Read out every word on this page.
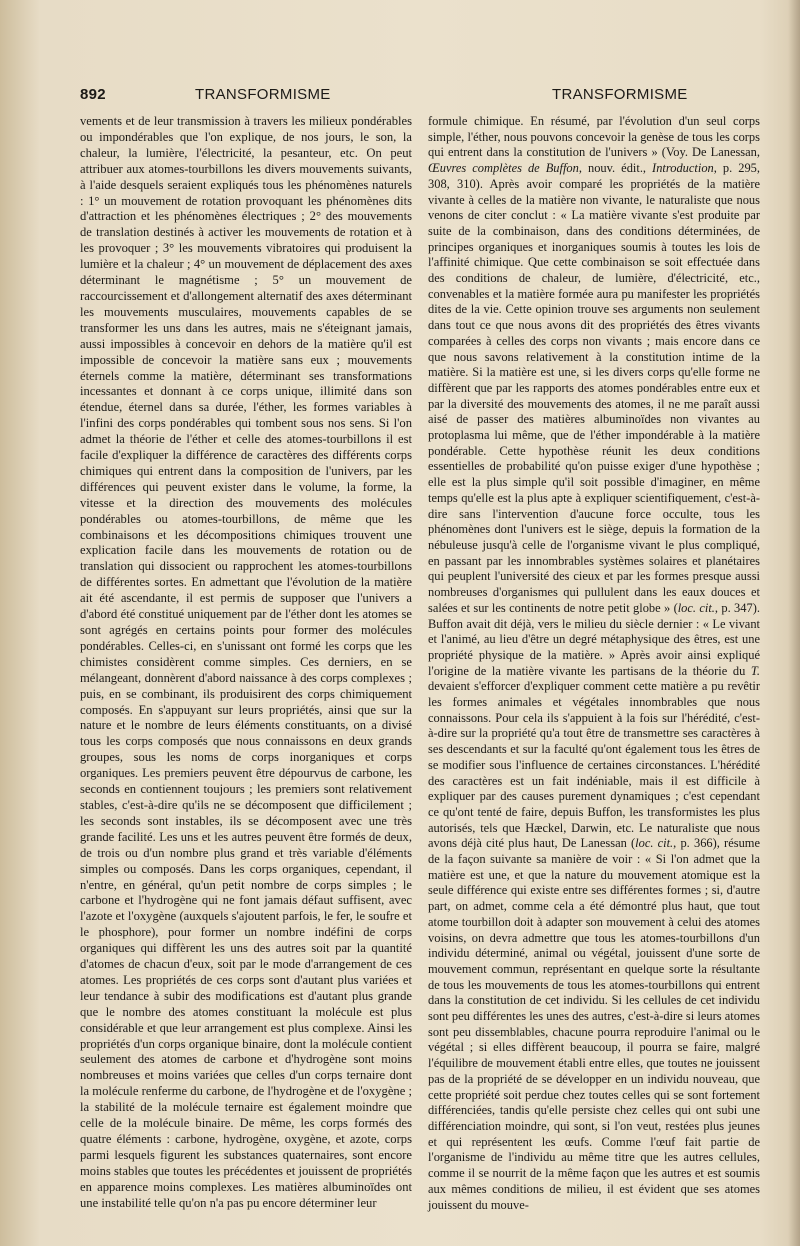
892	TRANSFORMISME	TRANSFORMISME

vements et de leur transmission à travers les milieux pondérables ou impondérables que l'on explique, de nos jours, le son, la chaleur, la lumière, l'électricité, la pesanteur, etc. On peut attribuer aux atomes-tourbillons les divers mouvements suivants, à l'aide desquels seraient expliqués tous les phénomènes naturels : 1° un mouvement de rotation provoquant les phénomènes dits d'attraction et les phénomènes électriques ; 2° des mouvements de translation destinés à activer les mouvements de rotation et à les provoquer ; 3° les mouvements vibratoires qui produisent la lumière et la chaleur ; 4° un mouvement de déplacement des axes déterminant le magnétisme ; 5° un mouvement de raccourcissement et d'allongement alternatif des axes déterminant les mouvements musculaires, mouvements capables de se transformer les uns dans les autres, mais ne s'éteignant jamais, aussi impossibles à concevoir en dehors de la matière qu'il est impossible de concevoir la matière sans eux ; mouvements éternels comme la matière, déterminant ses transformations incessantes et donnant à ce corps unique, illimité dans son étendue, éternel dans sa durée, l'éther, les formes variables à l'infini des corps pondérables qui tombent sous nos sens. Si l'on admet la théorie de l'éther et celle des atomes-tourbillons il est facile d'expliquer la différence de caractères des différents corps chimiques qui entrent dans la composition de l'univers, par les différences qui peuvent exister dans le volume, la forme, la vitesse et la direction des mouvements des molécules pondérables ou atomes-tourbillons, de même que les combinaisons et les décompositions chimiques trouvent une explication facile dans les mouvements de rotation ou de translation qui dissocient ou rapprochent les atomes-tourbillons de différentes sortes. En admettant que l'évolution de la matière ait été ascendante, il est permis de supposer que l'univers a d'abord été constitué uniquement par de l'éther dont les atomes se sont agrégés en certains points pour former des molécules pondérables. Celles-ci, en s'unissant ont formé les corps que les chimistes considèrent comme simples. Ces derniers, en se mélangeant, donnèrent d'abord naissance à des corps complexes ; puis, en se combinant, ils produisirent des corps chimiquement composés. En s'appuyant sur leurs propriétés, ainsi que sur la nature et le nombre de leurs éléments constituants, on a divisé tous les corps composés que nous connaissons en deux grands groupes, sous les noms de corps inorganiques et corps organiques. Les premiers peuvent être dépourvus de carbone, les seconds en contiennent toujours ; les premiers sont relativement stables, c'est-à-dire qu'ils ne se décomposent que difficilement ; les seconds sont instables, ils se décomposent avec une très grande facilité. Les uns et les autres peuvent être formés de deux, de trois ou d'un nombre plus grand et très variable d'éléments simples ou composés. Dans les corps organiques, cependant, il n'entre, en général, qu'un petit nombre de corps simples ; le carbone et l'hydrogène qui ne font jamais défaut suffisent, avec l'azote et l'oxygène (auxquels s'ajoutent parfois, le fer, le soufre et le phosphore), pour former un nombre indéfini de corps organiques qui diffèrent les uns des autres soit par la quantité d'atomes de chacun d'eux, soit par le mode d'arrangement de ces atomes. Les propriétés de ces corps sont d'autant plus variées et leur tendance à subir des modifications est d'autant plus grande que le nombre des atomes constituant la molécule est plus considérable et que leur arrangement est plus complexe. Ainsi les propriétés d'un corps organique binaire, dont la molécule contient seulement des atomes de carbone et d'hydrogène sont moins nombreuses et moins variées que celles d'un corps ternaire dont la molécule renferme du carbone, de l'hydrogène et de l'oxygène ; la stabilité de la molécule ternaire est également moindre que celle de la molécule binaire. De même, les corps formés des quatre éléments : carbone, hydrogène, oxygène, et azote, corps parmi lesquels figurent les substances quaternaires, sont encore moins stables que toutes les précédentes et jouissent de propriétés en apparence moins complexes. Les matières albuminoïdes ont une instabilité telle qu'on n'a pas pu encore déterminer leur

formule chimique. En résumé, par l'évolution d'un seul corps simple, l'éther, nous pouvons concevoir la genèse de tous les corps qui entrent dans la constitution de l'univers » (Voy. De Lanessan, Œuvres complètes de Buffon, nouv. édit., Introduction, p. 295, 308, 310). Après avoir comparé les propriétés de la matière vivante à celles de la matière non vivante, le naturaliste que nous venons de citer conclut : « La matière vivante s'est produite par suite de la combinaison, dans des conditions déterminées, de principes organiques et inorganiques soumis à toutes les lois de l'affinité chimique. Que cette combinaison se soit effectuée dans des conditions de chaleur, de lumière, d'électricité, etc., convenables et la matière formée aura pu manifester les propriétés dites de la vie. Cette opinion trouve ses arguments non seulement dans tout ce que nous avons dit des propriétés des êtres vivants comparées à celles des corps non vivants ; mais encore dans ce que nous savons relativement à la constitution intime de la matière. Si la matière est une, si les divers corps qu'elle forme ne diffèrent que par les rapports des atomes pondérables entre eux et par la diversité des mouvements des atomes, il ne me paraît aussi aisé de passer des matières albuminoïdes non vivantes au protoplasma lui même, que de l'éther impondérable à la matière pondérable. Cette hypothèse réunit les deux conditions essentielles de probabilité qu'on puisse exiger d'une hypothèse ; elle est la plus simple qu'il soit possible d'imaginer, en même temps qu'elle est la plus apte à expliquer scientifiquement, c'est-à-dire sans l'intervention d'aucune force occulte, tous les phénomènes dont l'univers est le siège, depuis la formation de la nébuleuse jusqu'à celle de l'organisme vivant le plus compliqué, en passant par les innombrables systèmes solaires et planétaires qui peuplent l'université des cieux et par les formes presque aussi nombreuses d'organismes qui pullulent dans les eaux douces et salées et sur les continents de notre petit globe » (loc. cit., p. 347). Buffon avait dit déjà, vers le milieu du siècle dernier : « Le vivant et l'animé, au lieu d'être un degré métaphysique des êtres, est une propriété physique de la matière. » Après avoir ainsi expliqué l'origine de la matière vivante les partisans de la théorie du T. devaient s'efforcer d'expliquer comment cette matière a pu revêtir les formes animales et végétales innombrables que nous connaissons. Pour cela ils s'appuient à la fois sur l'hérédité, c'est-à-dire sur la propriété qu'a tout être de transmettre ses caractères à ses descendants et sur la faculté qu'ont également tous les êtres de se modifier sous l'influence de certaines circonstances. L'hérédité des caractères est un fait indéniable, mais il est difficile à expliquer par des causes purement dynamiques ; c'est cependant ce qu'ont tenté de faire, depuis Buffon, les transformistes les plus autorisés, tels que Hæckel, Darwin, etc. Le naturaliste que nous avons déjà cité plus haut, De Lanessan (loc. cit., p. 366), résume de la façon suivante sa manière de voir : « Si l'on admet que la matière est une, et que la nature du mouvement atomique est la seule différence qui existe entre ses différentes formes ; si, d'autre part, on admet, comme cela a été démontré plus haut, que tout atome tourbillon doit à adapter son mouvement à celui des atomes voisins, on devra admettre que tous les atomes-tourbillons d'un individu déterminé, animal ou végétal, jouissent d'une sorte de mouvement commun, représentant en quelque sorte la résultante de tous les mouvements de tous les atomes-tourbillons qui entrent dans la constitution de cet individu. Si les cellules de cet individu sont peu différentes les unes des autres, c'est-à-dire si leurs atomes sont peu dissemblables, chacune pourra reproduire l'animal ou le végétal ; si elles diffèrent beaucoup, il pourra se faire, malgré l'équilibre de mouvement établi entre elles, que toutes ne jouissent pas de la propriété de se développer en un individu nouveau, que cette propriété soit perdue chez toutes celles qui se sont fortement différenciées, tandis qu'elle persiste chez celles qui ont subi une différenciation moindre, qui sont, si l'on veut, restées plus jeunes et qui représentent les œufs. Comme l'œuf fait partie de l'organisme de l'individu au même titre que les autres cellules, comme il se nourrit de la même façon que les autres et est soumis aux mêmes conditions de milieu, il est évident que ses atomes jouissent du mouve-
